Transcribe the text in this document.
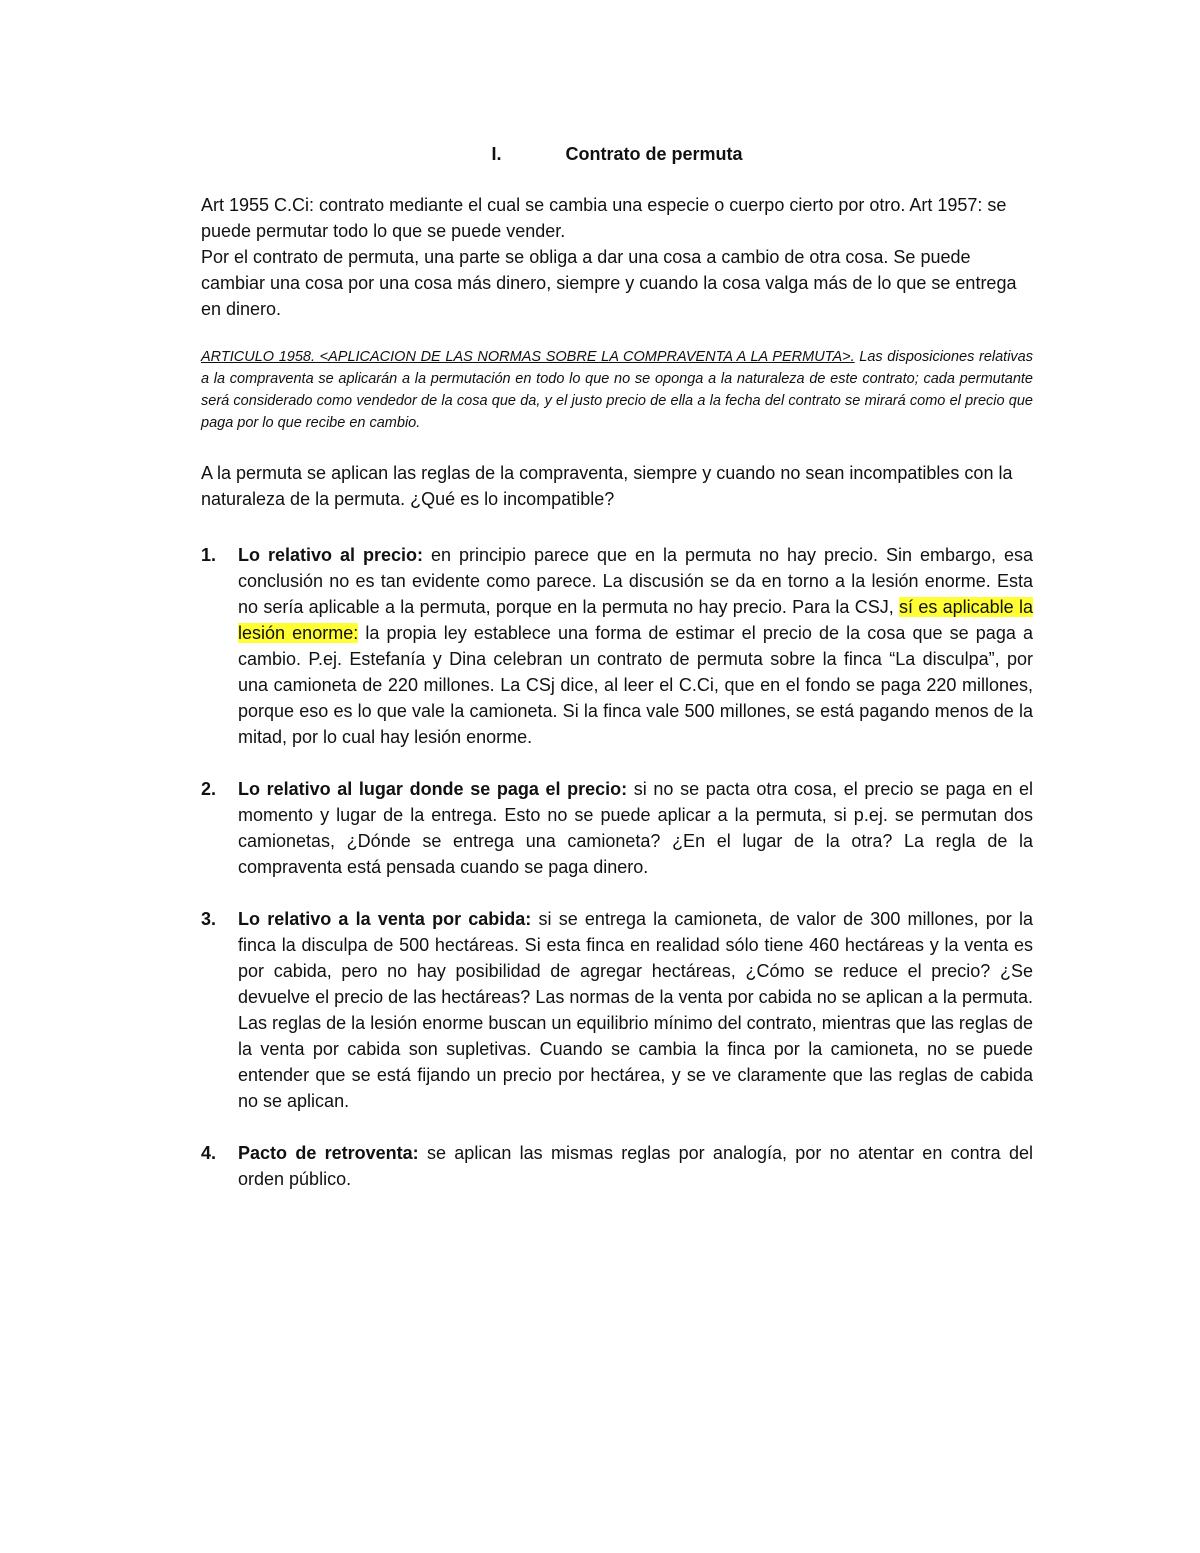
I.	Contrato de permuta

Art 1955 C.Ci: contrato mediante el cual se cambia una especie o cuerpo cierto por otro. Art 1957: se puede permutar todo lo que se puede vender.

Por el contrato de permuta, una parte se obliga a dar una cosa a cambio de otra cosa. Se puede cambiar una cosa por una cosa más dinero, siempre y cuando la cosa valga más de lo que se entrega en dinero.

ARTICULO 1958. <APLICACION DE LAS NORMAS SOBRE LA COMPRAVENTA A LA PERMUTA>. Las disposiciones relativas a la compraventa se aplicarán a la permutación en todo lo que no se oponga a la naturaleza de este contrato; cada permutante será considerado como vendedor de la cosa que da, y el justo precio de ella a la fecha del contrato se mirará como el precio que paga por lo que recibe en cambio.

A la permuta se aplican las reglas de la compraventa, siempre y cuando no sean incompatibles con la naturaleza de la permuta. ¿Qué es lo incompatible?

1. Lo relativo al precio: en principio parece que en la permuta no hay precio. Sin embargo, esa conclusión no es tan evidente como parece. La discusión se da en torno a la lesión enorme. Esta no sería aplicable a la permuta, porque en la permuta no hay precio. Para la CSJ, sí es aplicable la lesión enorme: la propia ley establece una forma de estimar el precio de la cosa que se paga a cambio. P.ej. Estefanía y Dina celebran un contrato de permuta sobre la finca “La disculpa”, por una camioneta de 220 millones. La CSj dice, al leer el C.Ci, que en el fondo se paga 220 millones, porque eso es lo que vale la camioneta. Si la finca vale 500 millones, se está pagando menos de la mitad, por lo cual hay lesión enorme.
2. Lo relativo al lugar donde se paga el precio: si no se pacta otra cosa, el precio se paga en el momento y lugar de la entrega. Esto no se puede aplicar a la permuta, si p.ej. se permutan dos camionetas, ¿Dónde se entrega una camioneta? ¿En el lugar de la otra? La regla de la compraventa está pensada cuando se paga dinero.
3. Lo relativo a la venta por cabida: si se entrega la camioneta, de valor de 300 millones, por la finca la disculpa de 500 hectáreas. Si esta finca en realidad sólo tiene 460 hectáreas y la venta es por cabida, pero no hay posibilidad de agregar hectáreas, ¿Cómo se reduce el precio? ¿Se devuelve el precio de las hectáreas? Las normas de la venta por cabida no se aplican a la permuta. Las reglas de la lesión enorme buscan un equilibrio mínimo del contrato, mientras que las reglas de la venta por cabida son supletivas. Cuando se cambia la finca por la camioneta, no se puede entender que se está fijando un precio por hectárea, y se ve claramente que las reglas de cabida no se aplican.
4. Pacto de retroventa: se aplican las mismas reglas por analogía, por no atentar en contra del orden público.
